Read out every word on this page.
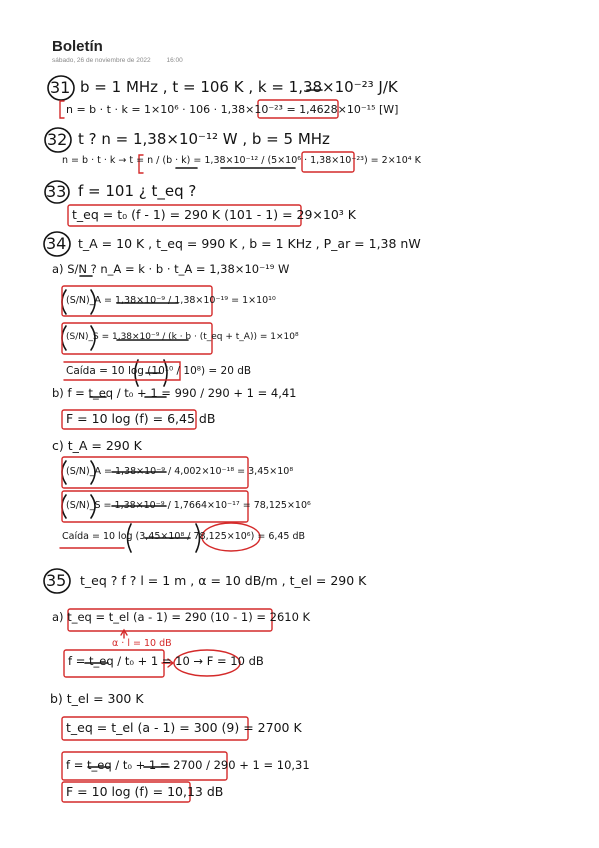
Boletín
sábado, 26 de noviembre de 2022 16:00
31
32
33
34
35
b = 1 MHz , t = 106 K , k = 1,38×10⁻²³ J/K
n = b · t · k = 1×10⁶ · 106 · 1,38×10⁻²³ = 1,4628×10⁻¹⁵ [W]
t ? n = 1,38×10⁻¹² W , b = 5 MHz
n = b · t · k → t = n / (b · k) = 1,38×10⁻¹² / (5×10⁶ · 1,38×10⁻²³) = 2×10⁴ K
f = 101 ¿ t_eq ?
t_eq = t₀ (f - 1) = 290 K (101 - 1) = 29×10³ K
t_A = 10 K , t_eq = 990 K , b = 1 KHz , P_ar = 1,38 nW
a) S/N ? n_A = k · b · t_A = 1,38×10⁻¹⁹ W
(S/N)_A = 1,38×10⁻⁹ / 1,38×10⁻¹⁹ = 1×10¹⁰
(S/N)_S = 1,38×10⁻⁹ / (k · b · (t_eq + t_A)) = 1×10⁸
Caída = 10 log (10¹⁰ / 10⁸) = 20 dB
b) f = t_eq / t₀ + 1 = 990 / 290 + 1 = 4,41
F = 10 log (f) = 6,45 dB
c) t_A = 290 K
(S/N)_A = 1,38×10⁻⁹ / 4,002×10⁻¹⁸ = 3,45×10⁸
(S/N)_S = 1,38×10⁻⁹ / 1,7664×10⁻¹⁷ = 78,125×10⁶
Caída = 10 log (3,45×10⁸ / 78,125×10⁶) = 6,45 dB
t_eq ? f ? l = 1 m , α = 10 dB/m , t_el = 290 K
a) t_eq = t_el (a - 1) = 290 (10 - 1) = 2610 K
α · l = 10 dB
f = t_eq / t₀ + 1 = 10 → F = 10 dB
b) t_el = 300 K
t_eq = t_el (a - 1) = 300 (9) = 2700 K
f = t_eq / t₀ + 1 = 2700 / 290 + 1 = 10,31
F = 10 log (f) = 10,13 dB
